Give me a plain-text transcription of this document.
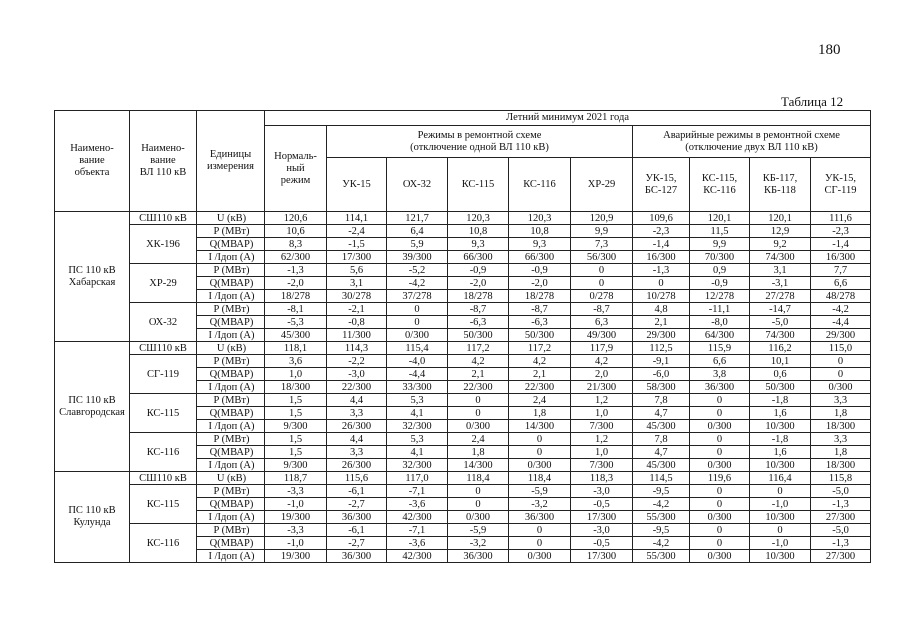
180
Таблица 12
Наимено-
вание
объекта	Наимено-
вание
ВЛ 110 кВ	Единицы
измерения	Летний минимум 2021 года									
			Нормаль-
ный
режим	Режимы в ремонтной схеме
(отключение одной ВЛ 110 кВ)					Аварийные режимы в ремонтной схеме
(отключение двух ВЛ 110 кВ)			
				УК-15	ОХ-32	КС-115	КС-116	ХР-29	УК-15,
БС-127	КС-115,
КС-116	КБ-117,
КБ-118	УК-15,
СГ-119
ПС 110 кВ
Хабарская	СШ110 кВ	U (кВ)	120,6	114,1	121,7	120,3	120,3	120,9	109,6	120,1	120,1	111,6
	ХК-196	P (МВт)	10,6	-2,4	6,4	10,8	10,8	9,9	-2,3	11,5	12,9	-2,3
		Q(МВАР)	8,3	-1,5	5,9	9,3	9,3	7,3	-1,4	9,9	9,2	-1,4
		I /Iдоп (А)	62/300	17/300	39/300	66/300	66/300	56/300	16/300	70/300	74/300	16/300
	ХР-29	P (МВт)	-1,3	5,6	-5,2	-0,9	-0,9	0	-1,3	0,9	3,1	7,7
		Q(МВАР)	-2,0	3,1	-4,2	-2,0	-2,0	0	0	-0,9	-3,1	6,6
		I /Iдоп (А)	18/278	30/278	37/278	18/278	18/278	0/278	10/278	12/278	27/278	48/278
	ОХ-32	P (МВт)	-8,1	-2,1	0	-8,7	-8,7	-8,7	4,8	-11,1	-14,7	-4,2
		Q(МВАР)	-5,3	-0,8	0	-6,3	-6,3	6,3	2,1	-8,0	-5,0	-4,4
		I /Iдоп (А)	45/300	11/300	0/300	50/300	50/300	49/300	29/300	64/300	74/300	29/300
ПС 110 кВ
Славгородская	СШ110 кВ	U (кВ)	118,1	114,3	115,4	117,2	117,2	117,9	112,5	115,9	116,2	115,0
	СГ-119	P (МВт)	3,6	-2,2	-4,0	4,2	4,2	4,2	-9,1	6,6	10,1	0
		Q(МВАР)	1,0	-3,0	-4,4	2,1	2,1	2,0	-6,0	3,8	0,6	0
		I /Iдоп (А)	18/300	22/300	33/300	22/300	22/300	21/300	58/300	36/300	50/300	0/300
	КС-115	P (МВт)	1,5	4,4	5,3	0	2,4	1,2	7,8	0	-1,8	3,3
		Q(МВАР)	1,5	3,3	4,1	0	1,8	1,0	4,7	0	1,6	1,8
		I /Iдоп (А)	9/300	26/300	32/300	0/300	14/300	7/300	45/300	0/300	10/300	18/300
	КС-116	P (МВт)	1,5	4,4	5,3	2,4	0	1,2	7,8	0	-1,8	3,3
		Q(МВАР)	1,5	3,3	4,1	1,8	0	1,0	4,7	0	1,6	1,8
		I /Iдоп (А)	9/300	26/300	32/300	14/300	0/300	7/300	45/300	0/300	10/300	18/300
ПС 110 кВ
Кулунда	СШ110 кВ	U (кВ)	118,7	115,6	117,0	118,4	118,4	118,3	114,5	119,6	116,4	115,8
	КС-115	P (МВт)	-3,3	-6,1	-7,1	0	-5,9	-3,0	-9,5	0	0	-5,0
		Q(МВАР)	-1,0	-2,7	-3,6	0	-3,2	-0,5	-4,2	0	-1,0	-1,3
		I /Iдоп (А)	19/300	36/300	42/300	0/300	36/300	17/300	55/300	0/300	10/300	27/300
	КС-116	P (МВт)	-3,3	-6,1	-7,1	-5,9	0	-3,0	-9,5	0	0	-5,0
		Q(МВАР)	-1,0	-2,7	-3,6	-3,2	0	-0,5	-4,2	0	-1,0	-1,3
		I /Iдоп (А)	19/300	36/300	42/300	36/300	0/300	17/300	55/300	0/300	10/300	27/300
